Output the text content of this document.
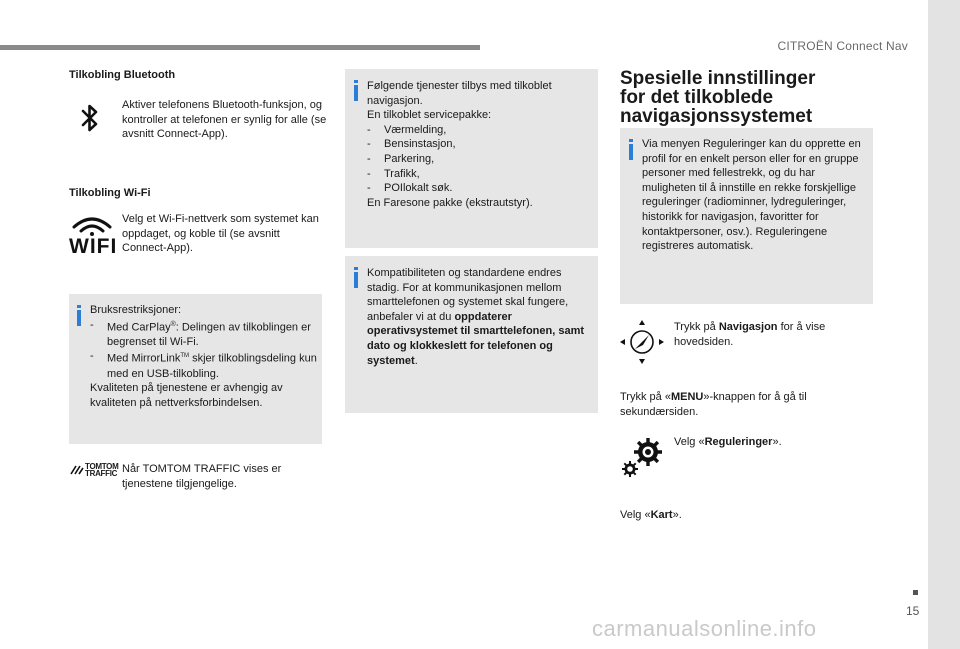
CITROËN Connect Nav
15
carmanualsonline.info
Tilkobling Bluetooth
Aktiver telefonens Bluetooth-funksjon, og kontroller at telefonen er synlig for alle (se avsnitt Connect-App).
Tilkobling Wi-Fi
WIFI
Velg et Wi-Fi-nettverk som systemet kan oppdaget, og koble til (se avsnitt Connect-App).
Bruksrestriksjoner:
- Med CarPlay®: Delingen av tilkoblingen er begrenset til Wi-Fi.
- Med MirrorLink™ skjer tilkoblingsdeling kun med en USB-tilkobling.
Kvaliteten på tjenestene er avhengig av kvaliteten på nettverksforbindelsen.
TOMTOM
TRAFFIC Når TOMTOM TRAFFIC vises er tjenestene tilgjengelige.
Følgende tjenester tilbys med tilkoblet navigasjon.
En tilkoblet servicepakke:
- Værmelding,
- Bensinstasjon,
- Parkering,
- Trafikk,
- POIlokalt søk.
En Faresone pakke (ekstrautstyr).
Kompatibiliteten og standardene endres stadig. For at kommunikasjonen mellom smarttelefonen og systemet skal fungere, anbefaler vi at du oppdaterer operativsystemet til smarttelefonen, samt dato og klokkeslett for telefonen og systemet.
Spesielle innstillinger for det tilkoblede navigasjonssystemet
Via menyen Reguleringer kan du opprette en profil for en enkelt person eller for en gruppe personer med fellestrekk, og du har muligheten til å innstille en rekke forskjellige reguleringer (radiominner, lydreguleringer, historikk for navigasjon, favoritter for kontaktpersoner, osv.). Reguleringene registreres automatisk.
Trykk på Navigasjon for å vise hovedsiden.
Trykk på «MENU»-knappen for å gå til sekundærsiden.
Velg «Reguleringer».
Velg «Kart».
